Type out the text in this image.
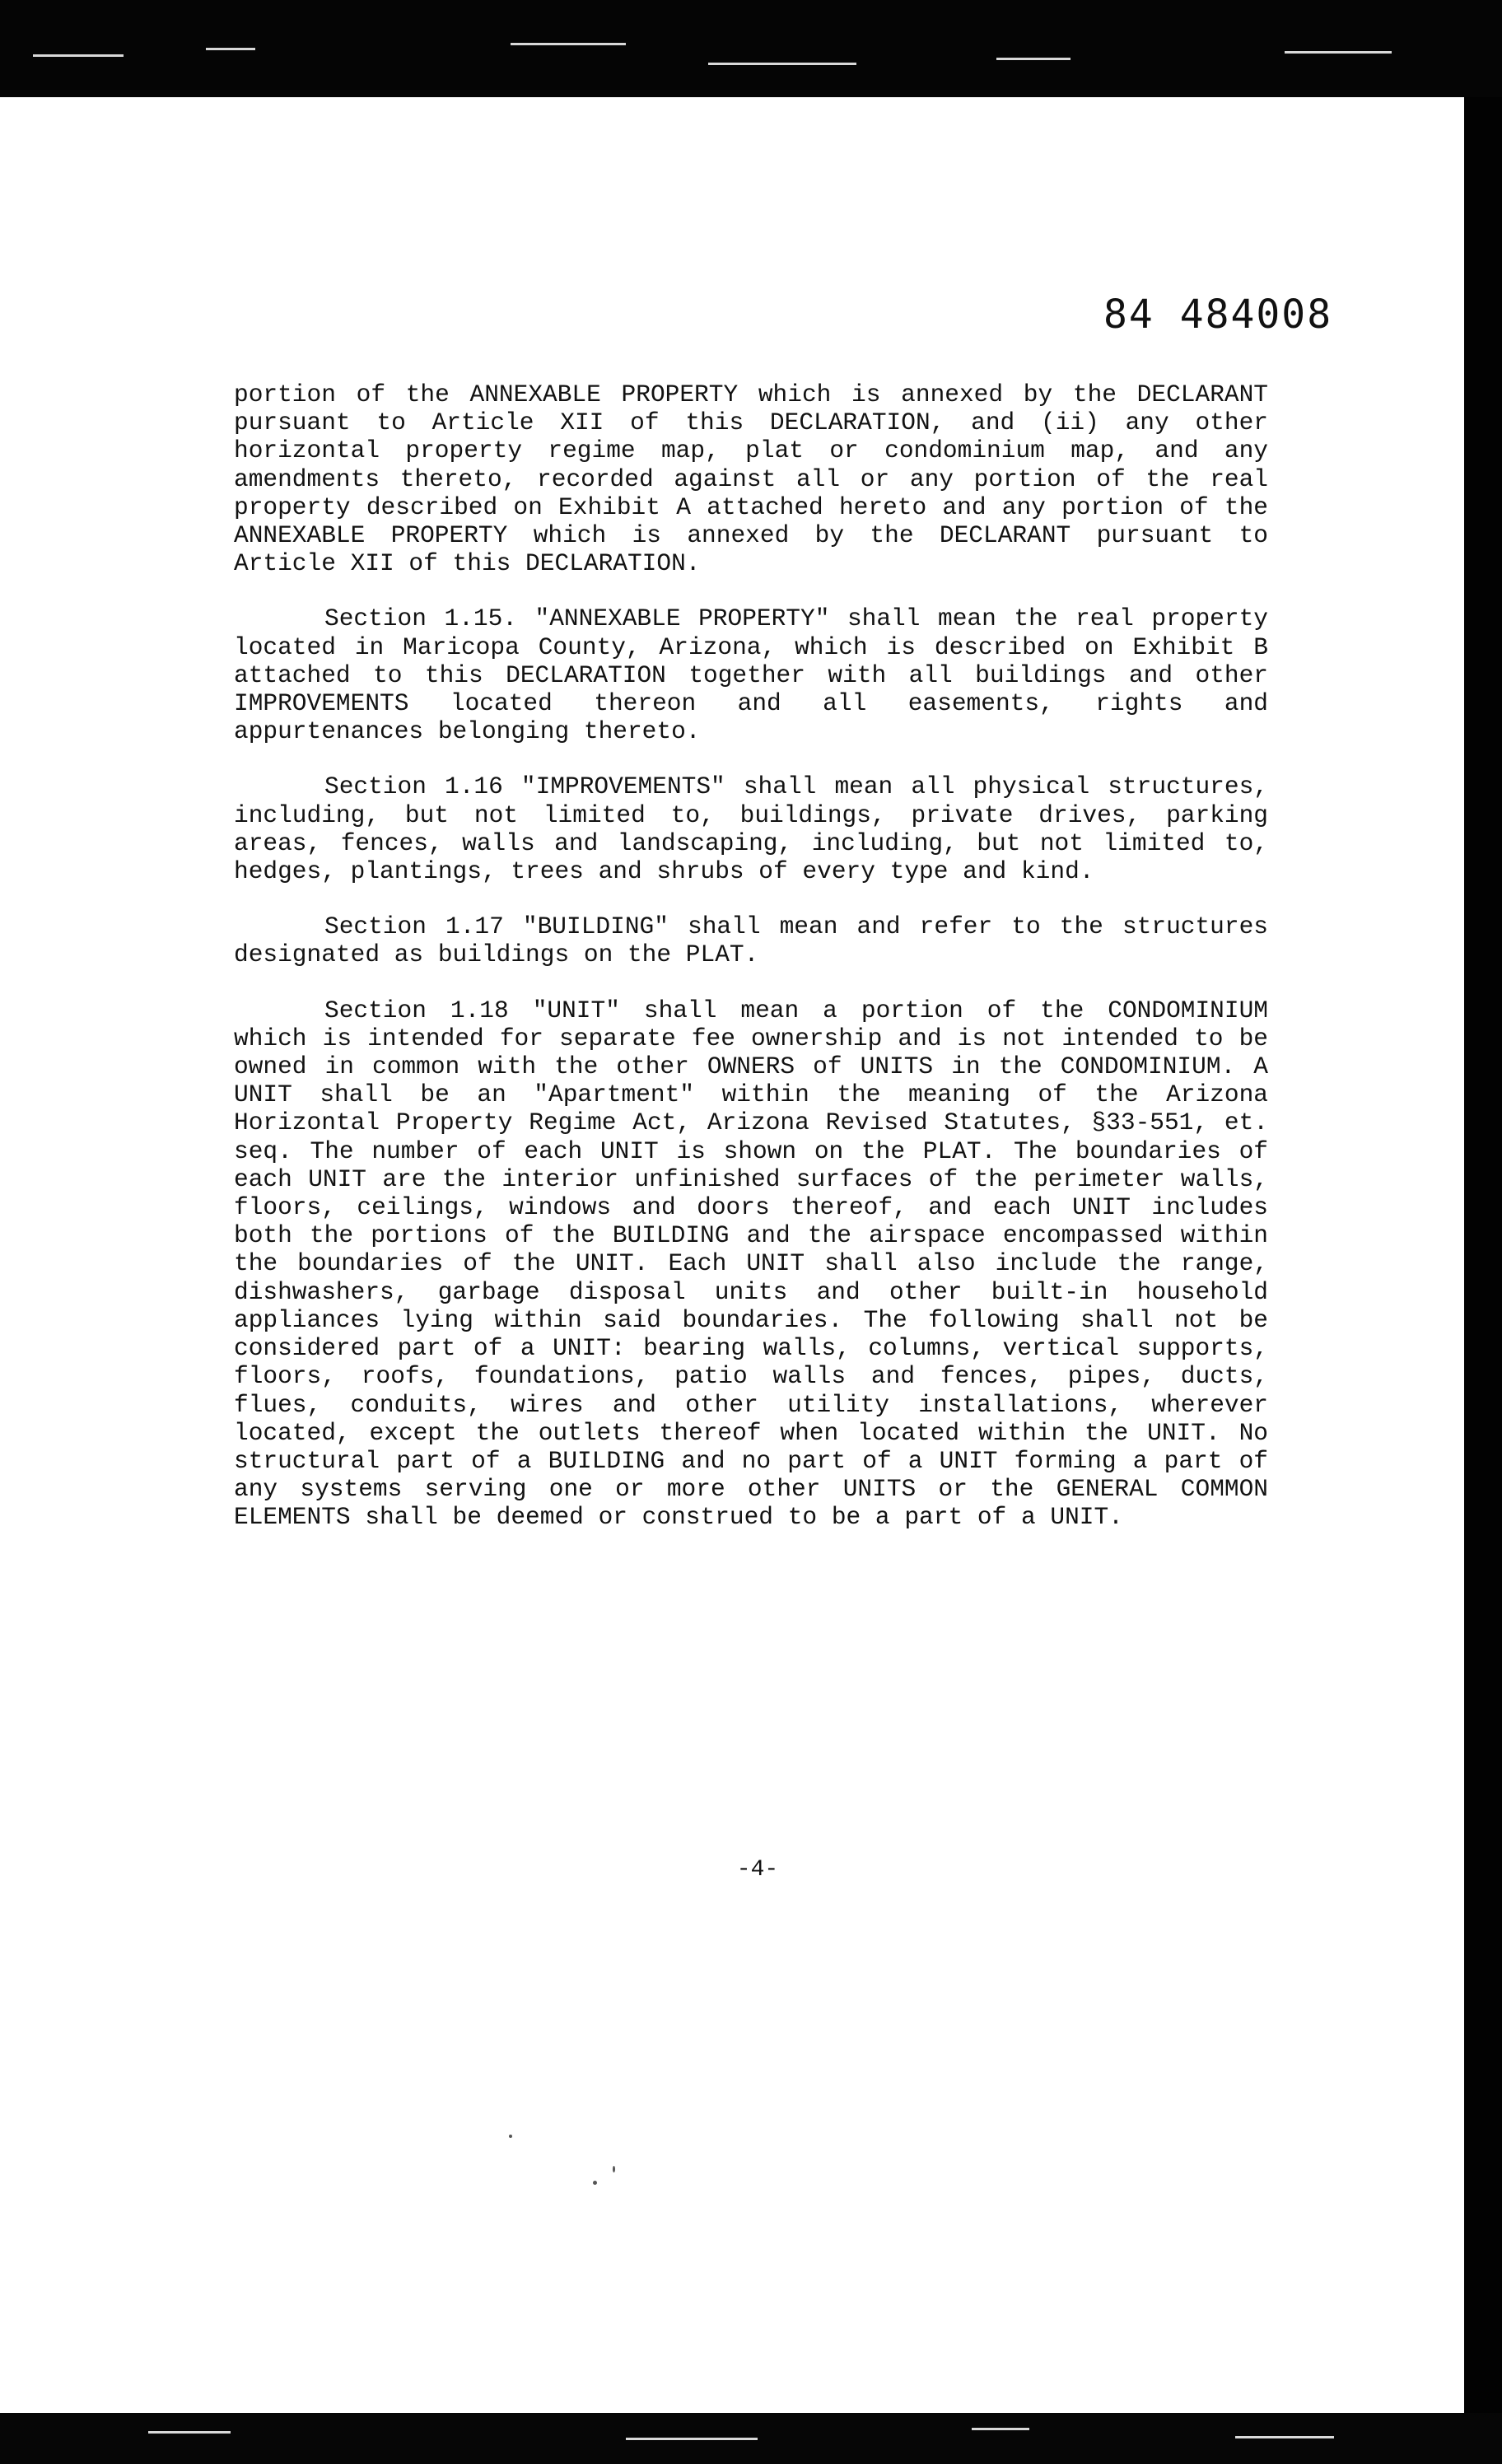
84 484008

portion of the ANNEXABLE PROPERTY which is annexed by the DECLARANT pursuant to Article XII of this DECLARATION, and (ii) any other horizontal property regime map, plat or condominium map, and any amendments thereto, recorded against all or any portion of the real property described on Exhibit A attached hereto and any portion of the ANNEXABLE PROPERTY which is annexed by the DECLARANT pursuant to Article XII of this DECLARATION.

Section 1.15. "ANNEXABLE PROPERTY" shall mean the real property located in Maricopa County, Arizona, which is described on Exhibit B attached to this DECLARATION together with all buildings and other IMPROVEMENTS located thereon and all easements, rights and appurtenances belonging thereto.

Section 1.16 "IMPROVEMENTS" shall mean all physical structures, including, but not limited to, buildings, private drives, parking areas, fences, walls and landscaping, including, but not limited to, hedges, plantings, trees and shrubs of every type and kind.

Section 1.17 "BUILDING" shall mean and refer to the structures designated as buildings on the PLAT.

Section 1.18 "UNIT" shall mean a portion of the CONDOMINIUM which is intended for separate fee ownership and is not intended to be owned in common with the other OWNERS of UNITS in the CONDOMINIUM. A UNIT shall be an "Apartment" within the meaning of the Arizona Horizontal Property Regime Act, Arizona Revised Statutes, §33-551, et. seq. The number of each UNIT is shown on the PLAT. The boundaries of each UNIT are the interior unfinished surfaces of the perimeter walls, floors, ceilings, windows and doors thereof, and each UNIT includes both the portions of the BUILDING and the airspace encompassed within the boundaries of the UNIT. Each UNIT shall also include the range, dishwashers, garbage disposal units and other built-in household appliances lying within said boundaries. The following shall not be considered part of a UNIT: bearing walls, columns, vertical supports, floors, roofs, foundations, patio walls and fences, pipes, ducts, flues, conduits, wires and other utility installations, wherever located, except the outlets thereof when located within the UNIT. No structural part of a BUILDING and no part of a UNIT forming a part of any systems serving one or more other UNITS or the GENERAL COMMON ELEMENTS shall be deemed or construed to be a part of a UNIT.

-4-
